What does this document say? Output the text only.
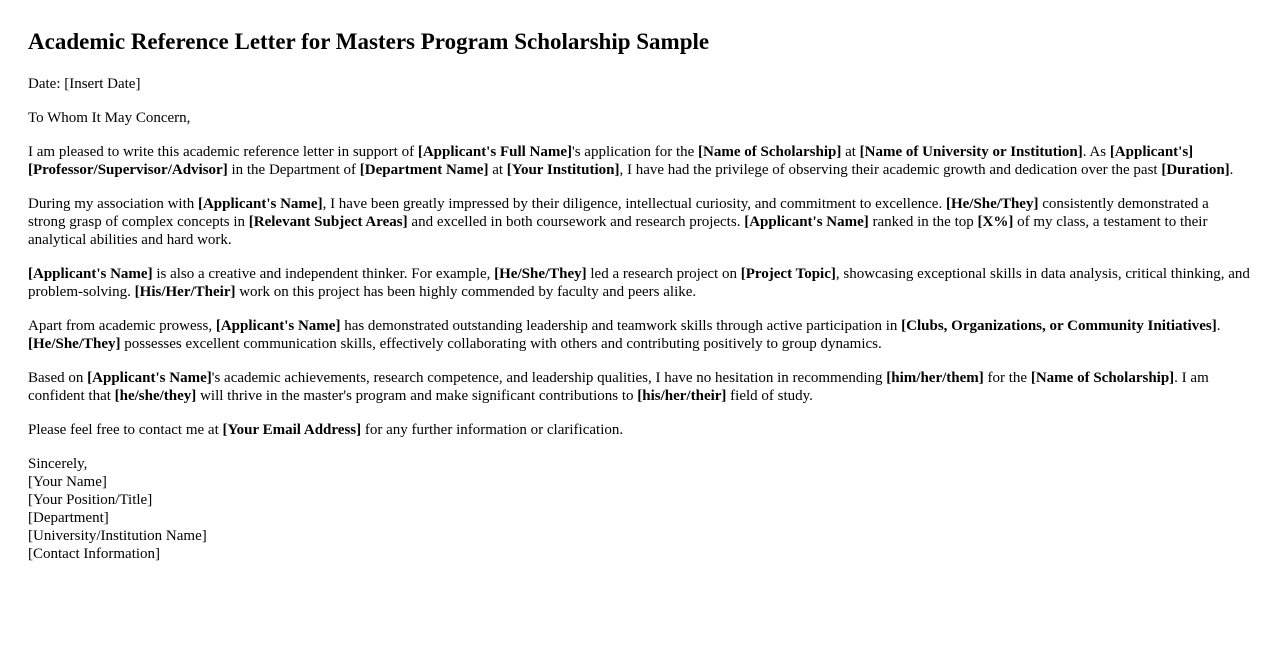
Academic Reference Letter for Masters Program Scholarship Sample

Date: [Insert Date]

To Whom It May Concern,

I am pleased to write this academic reference letter in support of [Applicant's Full Name]'s application for the [Name of Scholarship] at [Name of University or Institution]. As [Applicant's] [Professor/Supervisor/Advisor] in the Department of [Department Name] at [Your Institution], I have had the privilege of observing their academic growth and dedication over the past [Duration].

During my association with [Applicant's Name], I have been greatly impressed by their diligence, intellectual curiosity, and commitment to excellence. [He/She/They] consistently demonstrated a strong grasp of complex concepts in [Relevant Subject Areas] and excelled in both coursework and research projects. [Applicant's Name] ranked in the top [X%] of my class, a testament to their analytical abilities and hard work.

[Applicant's Name] is also a creative and independent thinker. For example, [He/She/They] led a research project on [Project Topic], showcasing exceptional skills in data analysis, critical thinking, and problem-solving. [His/Her/Their] work on this project has been highly commended by faculty and peers alike.

Apart from academic prowess, [Applicant's Name] has demonstrated outstanding leadership and teamwork skills through active participation in [Clubs, Organizations, or Community Initiatives]. [He/She/They] possesses excellent communication skills, effectively collaborating with others and contributing positively to group dynamics.

Based on [Applicant's Name]'s academic achievements, research competence, and leadership qualities, I have no hesitation in recommending [him/her/them] for the [Name of Scholarship]. I am confident that [he/she/they] will thrive in the master's program and make significant contributions to [his/her/their] field of study.

Please feel free to contact me at [Your Email Address] for any further information or clarification.

Sincerely,
[Your Name]
[Your Position/Title]
[Department]
[University/Institution Name]
[Contact Information]
